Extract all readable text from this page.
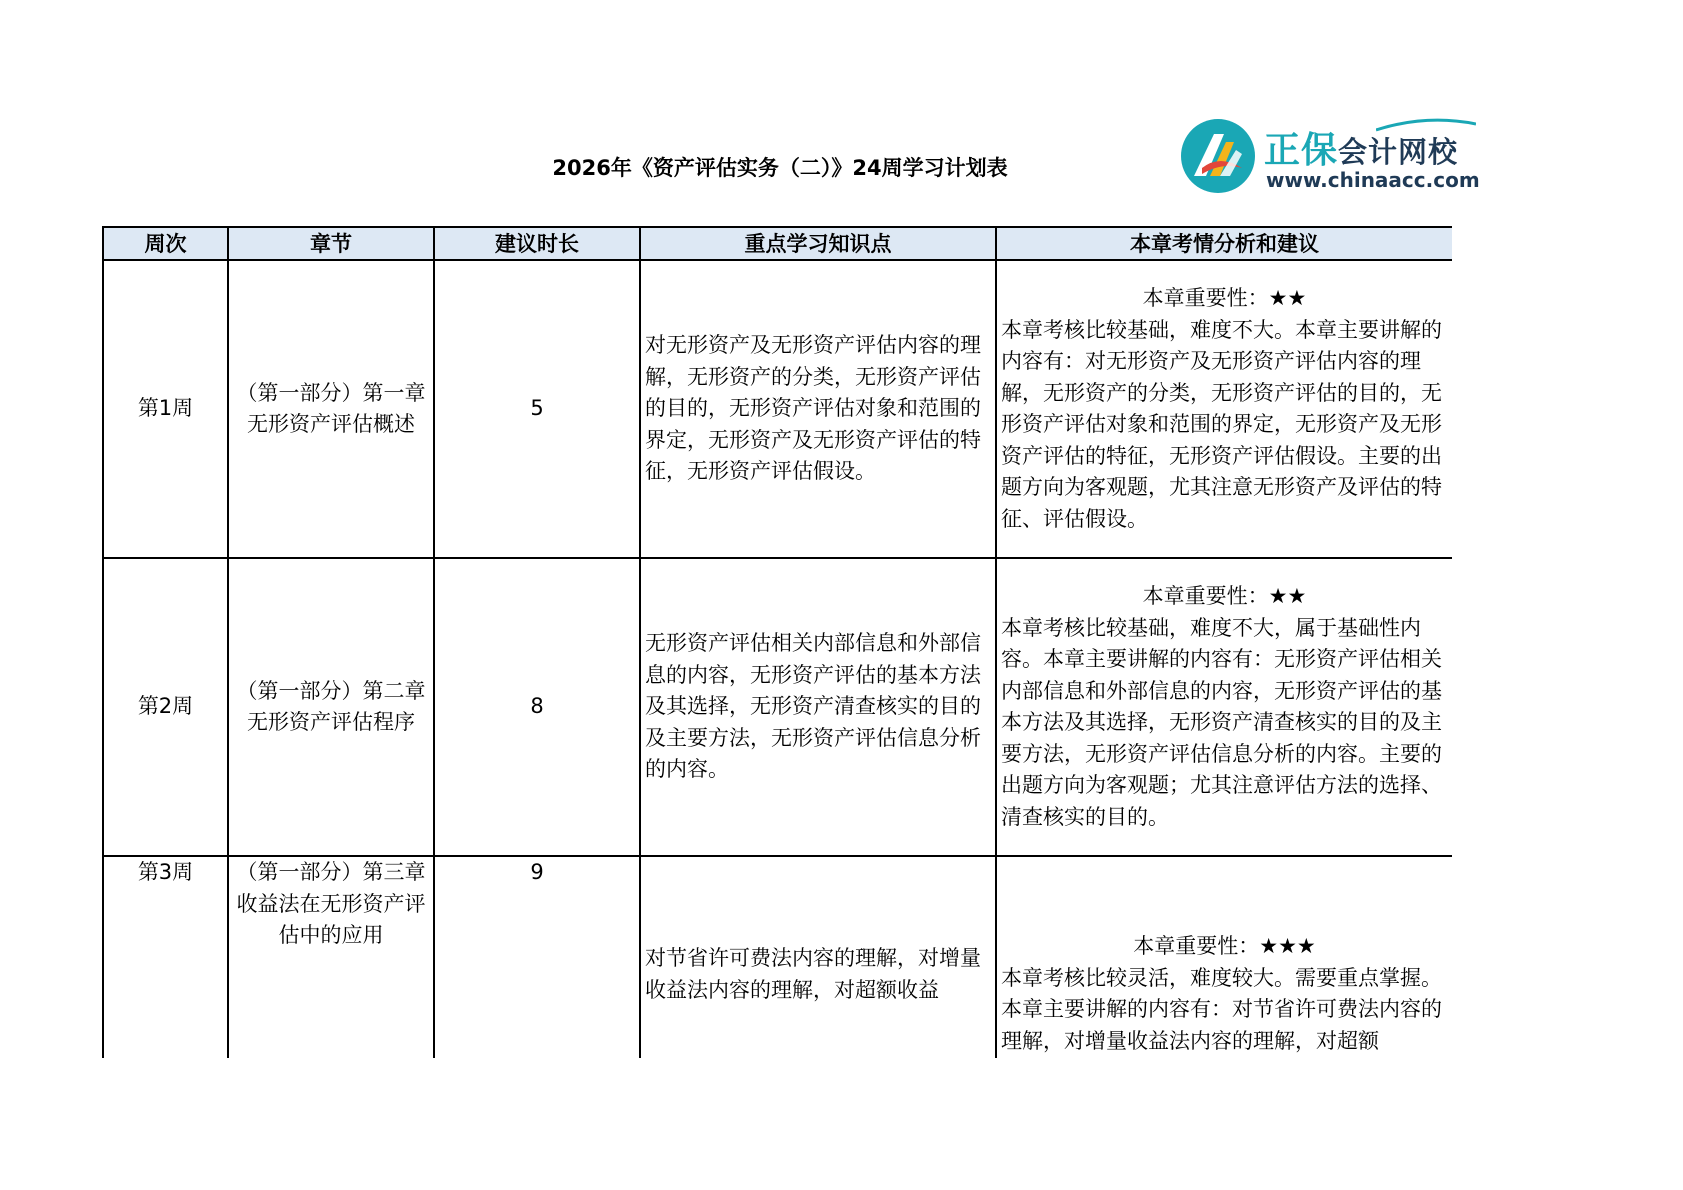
2026年《资产评估实务（二）》24周学习计划表	正保会计网校
www.chinaacc.com
周次	章节	建议时长	重点学习知识点	本章考情分析和建议
第1周	（第一部分）第一章 无形资产评估概述	5	对无形资产及无形资产评估内容的理解，无形资产的分类，无形资产评估的目的，无形资产评估对象和范围的界定，无形资产及无形资产评估的特征，无形资产评估假设。	本章重要性：★★
本章考核比较基础，难度不大。本章主要讲解的内容有：对无形资产及无形资产评估内容的理解，无形资产的分类，无形资产评估的目的，无形资产评估对象和范围的界定，无形资产及无形资产评估的特征，无形资产评估假设。主要的出题方向为客观题，尤其注意无形资产及评估的特征、评估假设。

第2周	（第一部分）第二章 无形资产评估程序	8	无形资产评估相关内部信息和外部信息的内容，无形资产评估的基本方法及其选择，无形资产清查核实的目的及主要方法，无形资产评估信息分析的内容。	本章重要性：★★
本章考核比较基础，难度不大，属于基础性内容。本章主要讲解的内容有：无形资产评估相关内部信息和外部信息的内容，无形资产评估的基本方法及其选择，无形资产清查核实的目的及主要方法，无形资产评估信息分析的内容。主要的出题方向为客观题；尤其注意评估方法的选择、清查核实的目的。

第3周	（第一部分）第三章 收益法在无形资产评估中的应用	9	对节省许可费法内容的理解，对增量收益法内容的理解，对超额收益	本章重要性：★★★
本章考核比较灵活，难度较大。需要重点掌握。本章主要讲解的内容有：对节省许可费法内容的理解，对增量收益法内容的理解，对超额
